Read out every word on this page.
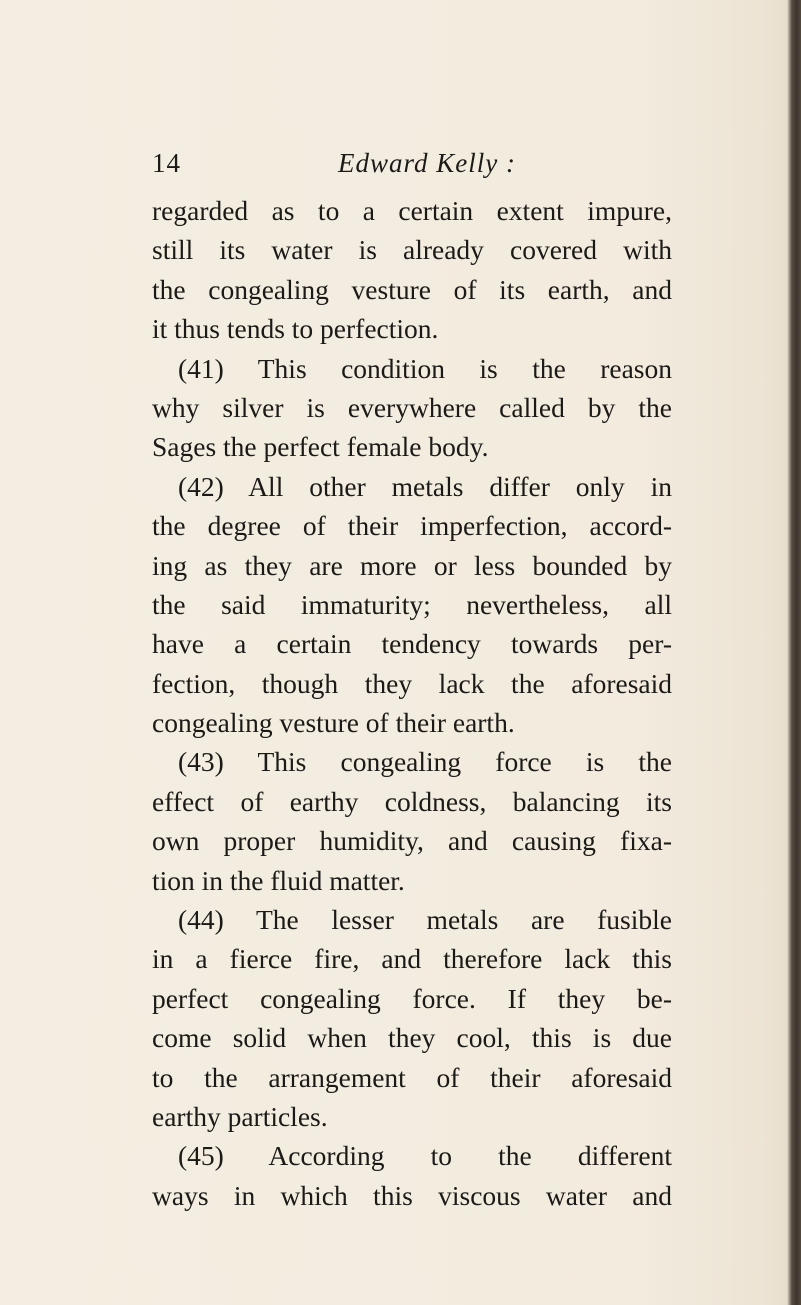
14	Edward Kelly :
regarded as to a certain extent impure,
still its water is already covered with
the congealing vesture of its earth, and
it thus tends to perfection.
(41) This condition is the reason
why silver is everywhere called by the
Sages the perfect female body.
(42) All other metals differ only in
the degree of their imperfection, accord-
ing as they are more or less bounded by
the said immaturity; nevertheless, all
have a certain tendency towards per-
fection, though they lack the aforesaid
congealing vesture of their earth.
(43) This congealing force is the
effect of earthy coldness, balancing its
own proper humidity, and causing fixa-
tion in the fluid matter.
(44) The lesser metals are fusible
in a fierce fire, and therefore lack this
perfect congealing force. If they be-
come solid when they cool, this is due
to the arrangement of their aforesaid
earthy particles.
(45) According to the different
ways in which this viscous water and
